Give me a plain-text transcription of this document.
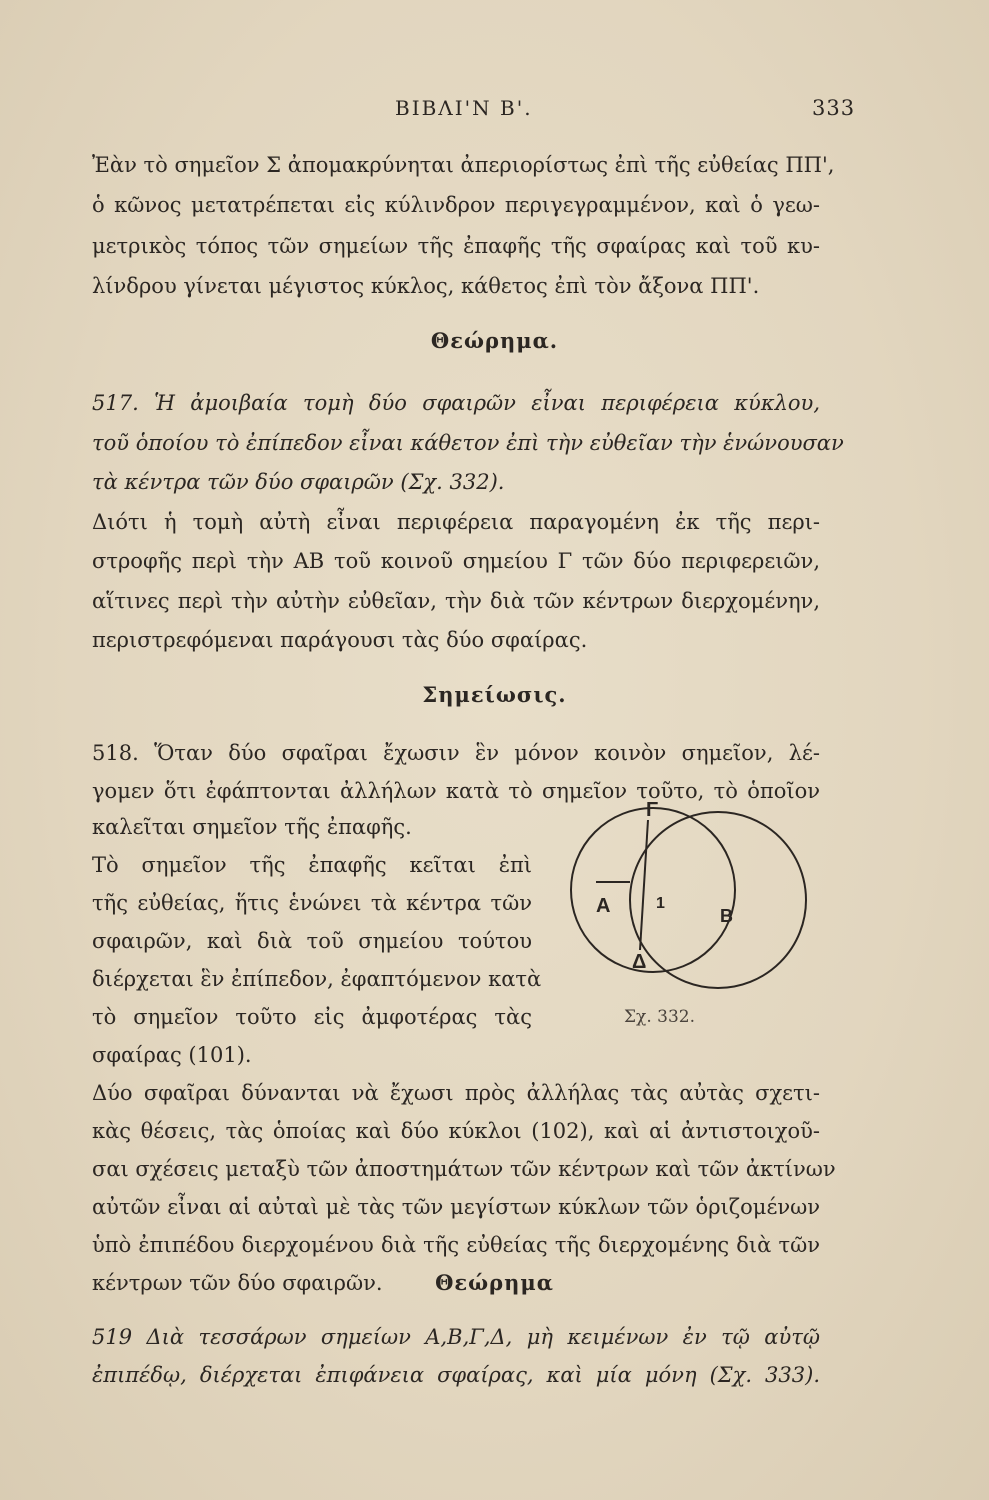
ΒΙΒΛΙ'Ν Β'.	333
Ἐὰν τὸ σημεῖον Σ ἀπομακρύνηται ἀπεριορίστως ἐπὶ τῆς εὐθείας ΠΠ',
ὁ κῶνος μετατρέπεται εἰς κύλινδρον περιγεγραμμένον, καὶ ὁ γεω-
μετρικὸς τόπος τῶν σημείων τῆς ἐπαφῆς τῆς σφαίρας καὶ τοῦ κυ-
λίνδρου γίνεται μέγιστος κύκλος, κάθετος ἐπὶ τὸν ἄξονα ΠΠ'.
Θεώρημα.
517. Ἡ ἀμοιβαία τομὴ δύο σφαιρῶν εἶναι περιφέρεια κύκλου,
τοῦ ὁποίου τὸ ἐπίπεδον εἶναι κάθετον ἐπὶ τὴν εὐθεῖαν τὴν ἑνώνουσαν
τὰ κέντρα τῶν δύο σφαιρῶν (Σχ. 332).
Διότι ἡ τομὴ αὐτὴ εἶναι περιφέρεια παραγομένη ἐκ τῆς περι-
στροφῆς περὶ τὴν ΑΒ τοῦ κοινοῦ σημείου Γ τῶν δύο περιφερειῶν,
αἵτινες περὶ τὴν αὐτὴν εὐθεῖαν, τὴν διὰ τῶν κέντρων διερχομένην,
περιστρεφόμεναι παράγουσι τὰς δύο σφαίρας.
Σημείωσις.
518. Ὅταν δύο σφαῖραι ἔχωσιν ἓν μόνον κοινὸν σημεῖον, λέ-
γομεν ὅτι ἐφάπτονται ἀλλήλων κατὰ τὸ σημεῖον τοῦτο, τὸ ὁποῖον
καλεῖται σημεῖον τῆς ἐπαφῆς.
Τὸ σημεῖον τῆς ἐπαφῆς κεῖται ἐπὶ
τῆς εὐθείας, ἥτις ἑνώνει τὰ κέντρα τῶν
σφαιρῶν, καὶ διὰ τοῦ σημείου τούτου
διέρχεται ἓν ἐπίπεδον, ἐφαπτόμενον κατὰ
τὸ σημεῖον τοῦτο εἰς ἀμφοτέρας τὰς
σφαίρας (101).
Δύο σφαῖραι δύνανται νὰ ἔχωσι πρὸς ἀλλήλας τὰς αὐτὰς σχετι-
κὰς θέσεις, τὰς ὁποίας καὶ δύο κύκλοι (102), καὶ αἱ ἀντιστοιχοῦ-
σαι σχέσεις μεταξὺ τῶν ἀποστημάτων τῶν κέντρων καὶ τῶν ἀκτίνων
αὐτῶν εἶναι αἱ αὐταὶ μὲ τὰς τῶν μεγίστων κύκλων τῶν ὁριζομένων
ὑπὸ ἐπιπέδου διερχομένου διὰ τῆς εὐθείας τῆς διερχομένης διὰ τῶν
κέντρων τῶν δύο σφαιρῶν.
Γ
Α	1
Β
Δ
Σχ. 332.
Θεώρημα
519 Διὰ τεσσάρων σημείων Α,Β,Γ,Δ, μὴ κειμένων ἐν τῷ αὐτῷ
ἐπιπέδῳ, διέρχεται ἐπιφάνεια σφαίρας, καὶ μία μόνη (Σχ. 333).
